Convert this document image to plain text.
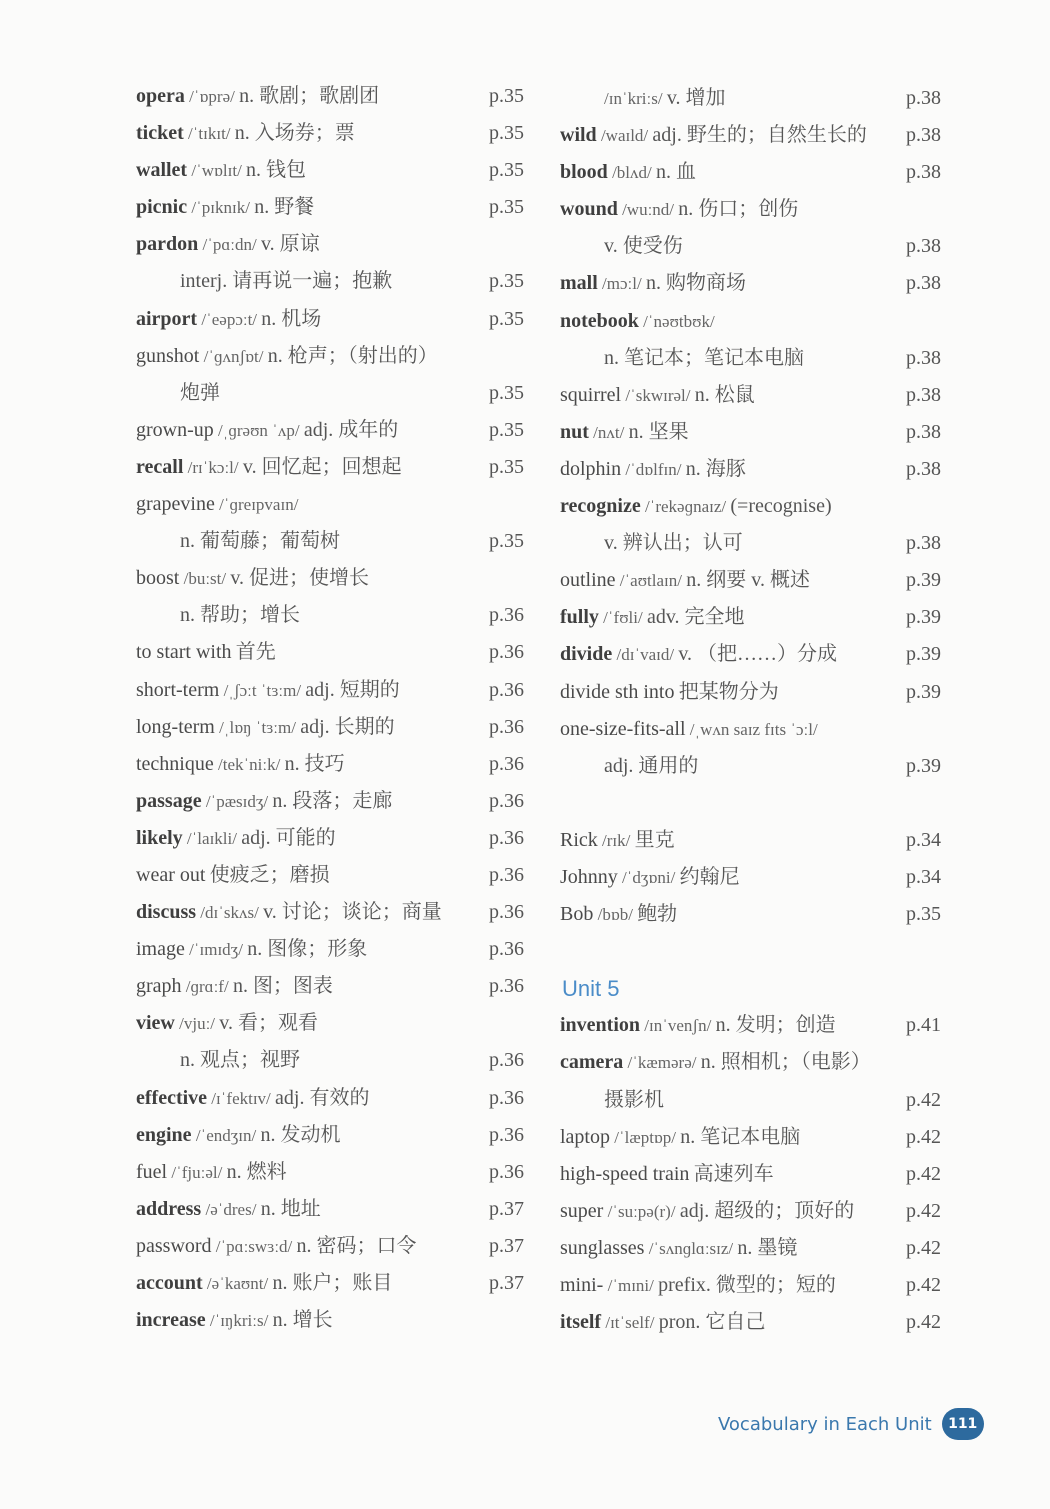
opera /ˈɒprə/ n. 歌剧；歌剧团	p.35
ticket /ˈtɪkɪt/ n. 入场券；票	p.35
wallet /ˈwɒlɪt/ n. 钱包	p.35
picnic /ˈpɪknɪk/ n. 野餐	p.35
pardon /ˈpɑːdn/ v. 原谅
interj. 请再说一遍；抱歉	p.35
airport /ˈeəpɔːt/ n. 机场	p.35
gunshot /ˈɡʌnʃɒt/ n. 枪声；（射出的）
炮弹	p.35
grown-up /ˌɡrəʊn ˈʌp/ adj. 成年的	p.35
recall /rɪˈkɔːl/ v. 回忆起；回想起	p.35
grapevine /ˈɡreɪpvaɪn/
n. 葡萄藤；葡萄树	p.35
boost /buːst/ v. 促进；使增长
n. 帮助；增长	p.36
to start with 首先	p.36
short-term /ˌʃɔːt ˈtɜːm/ adj. 短期的	p.36
long-term /ˌlɒŋ ˈtɜːm/ adj. 长期的	p.36
technique /tekˈniːk/ n. 技巧	p.36
passage /ˈpæsɪdʒ/ n. 段落；走廊	p.36
likely /ˈlaɪkli/ adj. 可能的	p.36
wear out 使疲乏；磨损	p.36
discuss /dɪˈskʌs/ v. 讨论；谈论；商量 p.36
image /ˈɪmɪdʒ/ n. 图像；形象	p.36
graph /ɡrɑːf/ n. 图；图表	p.36
view /vjuː/ v. 看；观看
n. 观点；视野	p.36
effective /ɪˈfektɪv/ adj. 有效的	p.36
engine /ˈendʒɪn/ n. 发动机	p.36
fuel /ˈfjuːəl/ n. 燃料	p.36
address /əˈdres/ n. 地址	p.37
password /ˈpɑːswɜːd/ n. 密码；口令	p.37
account /əˈkaʊnt/ n. 账户；账目	p.37
increase /ˈɪŋkriːs/ n. 增长
/ɪnˈkriːs/ v. 增加	p.38
wild /waɪld/ adj. 野生的；自然生长的 p.38
blood /blʌd/ n. 血	p.38
wound /wuːnd/ n. 伤口；创伤
v. 使受伤	p.38
mall /mɔːl/ n. 购物商场	p.38
notebook /ˈnəʊtbʊk/
n. 笔记本；笔记本电脑	p.38
squirrel /ˈskwɪrəl/ n. 松鼠	p.38
nut /nʌt/ n. 坚果	p.38
dolphin /ˈdɒlfɪn/ n. 海豚	p.38
recognize /ˈrekəɡnaɪz/ (=recognise)
v. 辨认出；认可	p.38
outline /ˈaʊtlaɪn/ n. 纲要 v. 概述	p.39
fully /ˈfʊli/ adv. 完全地	p.39
divide /dɪˈvaɪd/ v. （把……）分成	p.39
divide sth into 把某物分为	p.39
one-size-fits-all /ˌwʌn saɪz fɪts ˈɔːl/
adj. 通用的	p.39
Rick /rɪk/ 里克	p.34
Johnny /ˈdʒɒni/ 约翰尼	p.34
Bob /bɒb/ 鲍勃	p.35
Unit 5
invention /ɪnˈvenʃn/ n. 发明；创造	p.41
camera /ˈkæmərə/ n. 照相机；（电影）
摄影机	p.42
laptop /ˈlæptɒp/ n. 笔记本电脑	p.42
high-speed train 高速列车	p.42
super /ˈsuːpə(r)/ adj. 超级的；顶好的	p.42
sunglasses /ˈsʌnɡlɑːsɪz/ n. 墨镜	p.42
mini- /ˈmɪni/ prefix. 微型的；短的	p.42
itself /ɪtˈself/ pron. 它自己	p.42
Vocabulary in Each Unit	111
